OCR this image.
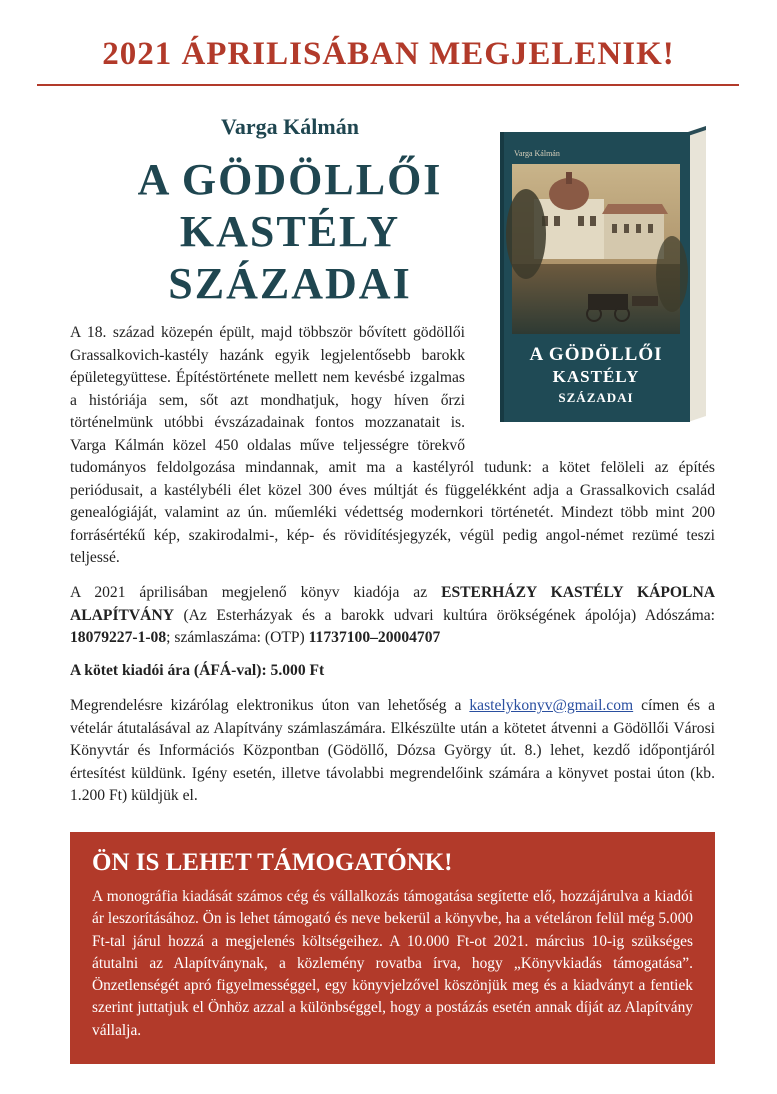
2021 ÁPRILISÁBAN MEGJELENIK!
Varga Kálmán
A GÖDÖLLŐI
KASTÉLY
SZÁZADAI
Varga Kálmán
A GÖDÖLLŐI
KASTÉLY
SZÁZADAI

A 18. század közepén épült, majd többször bővített gödöllői Grassalkovich-kastély hazánk egyik legjelentősebb barokk épületegyüttese. Építéstörténete mellett nem kevésbé izgalmas a históriája sem, sőt azt mondhatjuk, hogy híven őrzi történelmünk utóbbi évszázadainak fontos mozzanatait is. Varga Kálmán közel 450 oldalas műve teljességre törekvő tudományos feldolgozása mindannak, amit ma a kastélyról tudunk: a kötet felöleli az építés periódusait, a kastélybéli élet közel 300 éves múltját és függelékként adja a Grassalkovich család genealógiáját, valamint az ún. műemléki védettség modernkori történetét. Mindezt több mint 200 forrásértékű kép, szakirodalmi-, kép- és rövidítésjegyzék, végül pedig angol-német rezümé teszi teljessé.

A 2021 áprilisában megjelenő könyv kiadója az ESTERHÁZY KASTÉLY KÁPOLNA ALAPÍTVÁNY (Az Esterházyak és a barokk udvari kultúra örökségének ápolója) Adószáma: 18079227-1-08; számlaszáma: (OTP) 11737100–20004707
A kötet kiadói ára (ÁFÁ-val): 5.000 Ft
Megrendelésre kizárólag elektronikus úton van lehetőség a kastelykonyv@gmail.com címen és a vételár átutalásával az Alapítvány számlaszámára. Elkészülte után a kötetet átvenni a Gödöllői Városi Könyvtár és Információs Központban (Gödöllő, Dózsa György út. 8.) lehet, kezdő időpontjáról értesítést küldünk. Igény esetén, illetve távolabbi megrendelőink számára a könyvet postai úton (kb. 1.200 Ft) küldjük el.
ÖN IS LEHET TÁMOGATÓNK!
A monográfia kiadását számos cég és vállalkozás támogatása segítette elő, hozzájárulva a kiadói ár leszorításához. Ön is lehet támogató és neve bekerül a könyvbe, ha a vételáron felül még 5.000 Ft-tal járul hozzá a megjelenés költségeihez. A 10.000 Ft-ot 2021. március 10-ig szükséges átutalni az Alapítványnak, a közlemény rovatba írva, hogy „Könyvkiadás támogatása”. Önzetlenségét apró figyelmességgel, egy könyvjelzővel köszönjük meg és a kiadványt a fentiek szerint juttatjuk el Önhöz azzal a különbséggel, hogy a postázás esetén annak díját az Alapítvány vállalja.
